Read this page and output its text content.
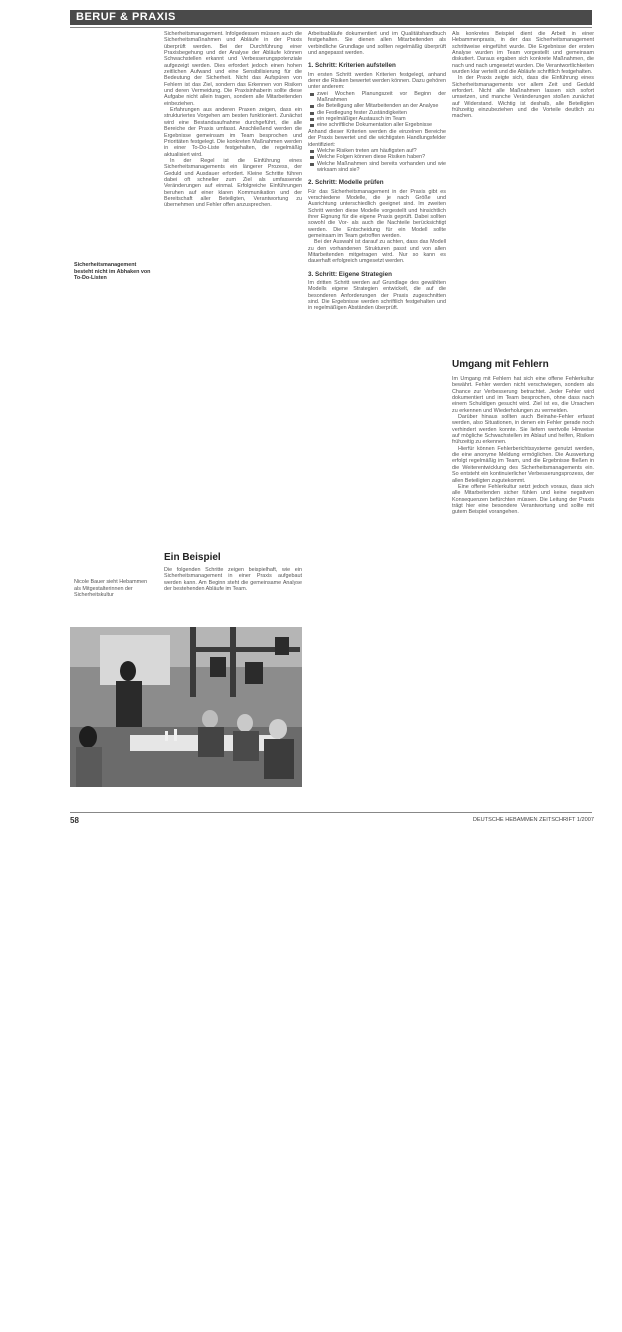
BERUF & PRAXIS

Sicherheitsmanagement. Infolgedessen müssen auch die Sicherheitsmaßnahmen und Abläufe in der Praxis überprüft werden. Bei der Durchführung einer Praxisbegehung und der Analyse der Abläufe können Schwachstellen erkannt und Verbesserungspotenziale aufgezeigt werden. Dies erfordert jedoch einen hohen zeitlichen Aufwand und eine Sensibilisierung für die Bedeutung der Sicherheit. Nicht das Aufspüren von Fehlern ist das Ziel, sondern das Erkennen von Risiken und deren Vermeidung. Die Praxisinhaberin sollte diese Aufgabe nicht allein tragen, sondern alle Mitarbeitenden einbeziehen.

Erfahrungen aus anderen Praxen zeigen, dass ein strukturiertes Vorgehen am besten funktioniert. Zunächst wird eine Bestandsaufnahme durchgeführt, die alle Bereiche der Praxis umfasst. Anschließend werden die Ergebnisse gemeinsam im Team besprochen und Prioritäten festgelegt. Die konkreten Maßnahmen werden in einer To-Do-Liste festgehalten, die regelmäßig aktualisiert wird.

In der Regel ist die Einführung eines Sicherheitsmanagements ein längerer Prozess, der Geduld und Ausdauer erfordert. Kleine Schritte führen dabei oft schneller zum Ziel als umfassende Veränderungen auf einmal. Erfolgreiche Einführungen beruhen auf einer klaren Kommunikation und der Bereitschaft aller Beteiligten, Verantwortung zu übernehmen und Fehler offen anzusprechen.

Ein Beispiel

Die folgenden Schritte zeigen beispielhaft, wie ein Sicherheitsmanagement in einer Praxis aufgebaut werden kann. Am Beginn steht die gemeinsame Analyse der bestehenden Abläufe im Team.

Arbeitsabläufe dokumentiert und im Qualitätshandbuch festgehalten. Sie dienen allen Mitarbeitenden als verbindliche Grundlage und sollten regelmäßig überprüft und angepasst werden.

1. Schritt: Kriterien aufstellen

Im ersten Schritt werden Kriterien festgelegt, anhand derer die Risiken bewertet werden können. Dazu gehören unter anderem:

zwei Wochen Planungszeit vor Beginn der Maßnahmen
die Beteiligung aller Mitarbeitenden an der Analyse
die Festlegung fester Zuständigkeiten
ein regelmäßiger Austausch im Team
eine schriftliche Dokumentation aller Ergebnisse

Anhand dieser Kriterien werden die einzelnen Bereiche der Praxis bewertet und die wichtigsten Handlungsfelder identifiziert:

Welche Risiken treten am häufigsten auf?
Welche Folgen können diese Risiken haben?
Welche Maßnahmen sind bereits vorhanden und wie wirksam sind sie?

2. Schritt: Modelle prüfen

Für das Sicherheitsmanagement in der Praxis gibt es verschiedene Modelle, die je nach Größe und Ausrichtung unterschiedlich geeignet sind. Im zweiten Schritt werden diese Modelle vorgestellt und hinsichtlich ihrer Eignung für die eigene Praxis geprüft. Dabei sollten sowohl die Vor- als auch die Nachteile berücksichtigt werden. Die Entscheidung für ein Modell sollte gemeinsam im Team getroffen werden.

Bei der Auswahl ist darauf zu achten, dass das Modell zu den vorhandenen Strukturen passt und von allen Mitarbeitenden mitgetragen wird. Nur so kann es dauerhaft erfolgreich umgesetzt werden.

3. Schritt: Eigene Strategien

Im dritten Schritt werden auf Grundlage des gewählten Modells eigene Strategien entwickelt, die auf die besonderen Anforderungen der Praxis zugeschnitten sind. Die Ergebnisse werden schriftlich festgehalten und in regelmäßigen Abständen überprüft.

Als konkretes Beispiel dient die Arbeit in einer Hebammenpraxis, in der das Sicherheitsmanagement schrittweise eingeführt wurde. Die Ergebnisse der ersten Analyse wurden im Team vorgestellt und gemeinsam diskutiert. Daraus ergaben sich konkrete Maßnahmen, die nach und nach umgesetzt wurden. Die Verantwortlichkeiten wurden klar verteilt und die Abläufe schriftlich festgehalten.

In der Praxis zeigte sich, dass die Einführung eines Sicherheitsmanagements vor allem Zeit und Geduld erfordert. Nicht alle Maßnahmen lassen sich sofort umsetzen, und manche Veränderungen stoßen zunächst auf Widerstand. Wichtig ist deshalb, alle Beteiligten frühzeitig einzubeziehen und die Vorteile deutlich zu machen.

Umgang mit Fehlern

Im Umgang mit Fehlern hat sich eine offene Fehlerkultur bewährt. Fehler werden nicht verschwiegen, sondern als Chance zur Verbesserung betrachtet. Jeder Fehler wird dokumentiert und im Team besprochen, ohne dass nach einem Schuldigen gesucht wird. Ziel ist es, die Ursachen zu erkennen und Wiederholungen zu vermeiden.

Darüber hinaus sollten auch Beinahe-Fehler erfasst werden, also Situationen, in denen ein Fehler gerade noch verhindert werden konnte. Sie liefern wertvolle Hinweise auf mögliche Schwachstellen im Ablauf und helfen, Risiken frühzeitig zu erkennen.

Hierfür können Fehlerberichtssysteme genutzt werden, die eine anonyme Meldung ermöglichen. Die Auswertung erfolgt regelmäßig im Team, und die Ergebnisse fließen in die Weiterentwicklung des Sicherheitsmanagements ein. So entsteht ein kontinuierlicher Verbesserungsprozess, der allen Beteiligten zugutekommt.

Eine offene Fehlerkultur setzt jedoch voraus, dass sich alle Mitarbeitenden sicher fühlen und keine negativen Konsequenzen befürchten müssen. Die Leitung der Praxis trägt hier eine besondere Verantwortung und sollte mit gutem Beispiel vorangehen.

Sicherheitsmanagement besteht nicht im Abhaken von To-Do-Listen
Nicole Bauer sieht Hebammen als Mitgestalterinnen der Sicherheitskultur
Foto: privat
58	DEUTSCHE HEBAMMEN ZEITSCHRIFT 1/2007
